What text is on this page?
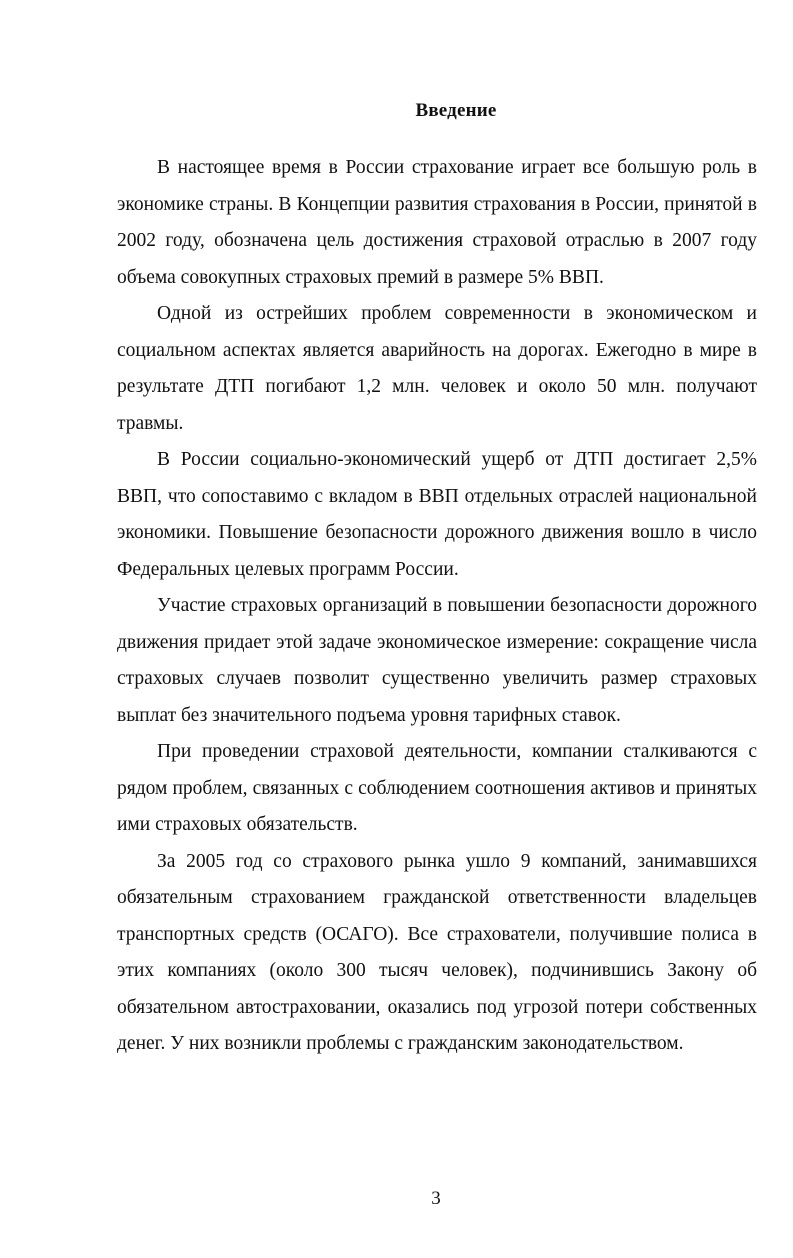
Введение

В настоящее время в России страхование играет все большую роль в экономике страны. В Концепции развития страхования в России, принятой в 2002 году, обозначена цель достижения страховой отраслью в 2007 году объема совокупных страховых премий в размере 5% ВВП.

Одной из острейших проблем современности в экономическом и социальном аспектах является аварийность на дорогах. Ежегодно в мире в результате ДТП погибают 1,2 млн. человек и около 50 млн. получают травмы.

В России социально-экономический ущерб от ДТП достигает 2,5% ВВП, что сопоставимо с вкладом в ВВП отдельных отраслей национальной экономики. Повышение безопасности дорожного движения вошло в число Федеральных целевых программ России.

Участие страховых организаций в повышении безопасности дорожного движения придает этой задаче экономическое измерение: сокращение числа страховых случаев позволит существенно увеличить размер страховых выплат без значительного подъема уровня тарифных ставок.

При проведении страховой деятельности, компании сталкиваются с рядом проблем, связанных с соблюдением соотношения активов и принятых ими страховых обязательств.

За 2005 год со страхового рынка ушло 9 компаний, занимавшихся обязательным страхованием гражданской ответственности владельцев транспортных средств (ОСАГО). Все страхователи, получившие полиса в этих компаниях (около 300 тысяч человек), подчинившись Закону об обязательном автостраховании, оказались под угрозой потери собственных денег. У них возникли проблемы с гражданским законодательством.

3
